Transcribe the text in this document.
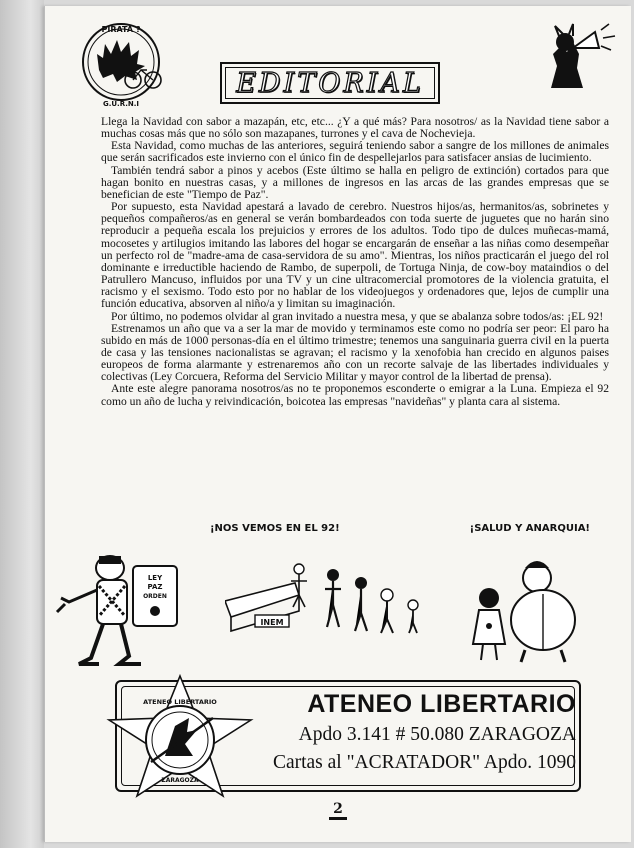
PIRATA ?
G.U.R.N.I
EDITORIAL

Llega la Navidad con sabor a mazapán, etc, etc... ¿Y a qué más? Para nosotros/ as la Navidad tiene sabor a muchas cosas más que no sólo son mazapanes, turrones y el cava de Nochevieja.

Esta Navidad, como muchas de las anteriores, seguirá teniendo sabor a sangre de los millones de animales que serán sacrificados este invierno con el único fin de despellejarlos para satisfacer ansias de lucimiento.

También tendrá sabor a pinos y acebos (Este último se halla en peligro de extinción) cortados para que hagan bonito en nuestras casas, y a millones de ingresos en las arcas de las grandes empresas que se benefician de este "Tiempo de Paz".

Por supuesto, esta Navidad apestará a lavado de cerebro. Nuestros hijos/as, hermanitos/as, sobrinetes y pequeños compañeros/as en general se verán bombardeados con toda suerte de juguetes que no harán sino reproducir a pequeña escala los prejuicios y errores de los adultos. Todo tipo de dulces muñecas-mamá, mocosetes y artilugios imitando las labores del hogar se encargarán de enseñar a las niñas como desempeñar un perfecto rol de "madre-ama de casa-servidora de su amo". Mientras, los niños practicarán el juego del rol dominante e irreductible haciendo de Rambo, de superpoli, de Tortuga Ninja, de cow-boy mataindios o del Patrullero Mancuso, influidos por una TV y un cine ultracomercial promotores de la violencia gratuita, el racismo y el sexismo. Todo esto por no hablar de los videojuegos y ordenadores que, lejos de cumplir una función educativa, absorven al niño/a y limitan su imaginación.

Por último, no podemos olvidar al gran invitado a nuestra mesa, y que se abalanza sobre todos/as: ¡EL 92!

Estrenamos un año que va a ser la mar de movido y terminamos este como no podría ser peor: El paro ha subido en más de 1000 personas-día en el último trimestre; tenemos una sanguinaria guerra civil en la puerta de casa y las tensiones nacionalistas se agravan; el racismo y la xenofobia han crecido en algunos paises europeos de forma alarmante y estrenaremos año con un recorte salvaje de las libertades individuales y colectivas (Ley Corcuera, Reforma del Servicio Militar y mayor control de la libertad de prensa).

Ante este alegre panorama nosotros/as no te proponemos esconderte o emigrar a la Luna. Empieza el 92 como un año de lucha y reivindicación, boicotea las empresas "navideñas" y planta cara al sistema.

¡NOS VEMOS EN EL 92!	¡SALUD Y ANARQUIA!
LEY
PAZ
ORDEN
INEM
ATENEO LIBERTARIO
ZARAGOZA
ATENEO LIBERTARIO
Apdo 3.141 # 50.080 ZARAGOZA
Cartas al "ACRATADOR" Apdo. 1090
2
